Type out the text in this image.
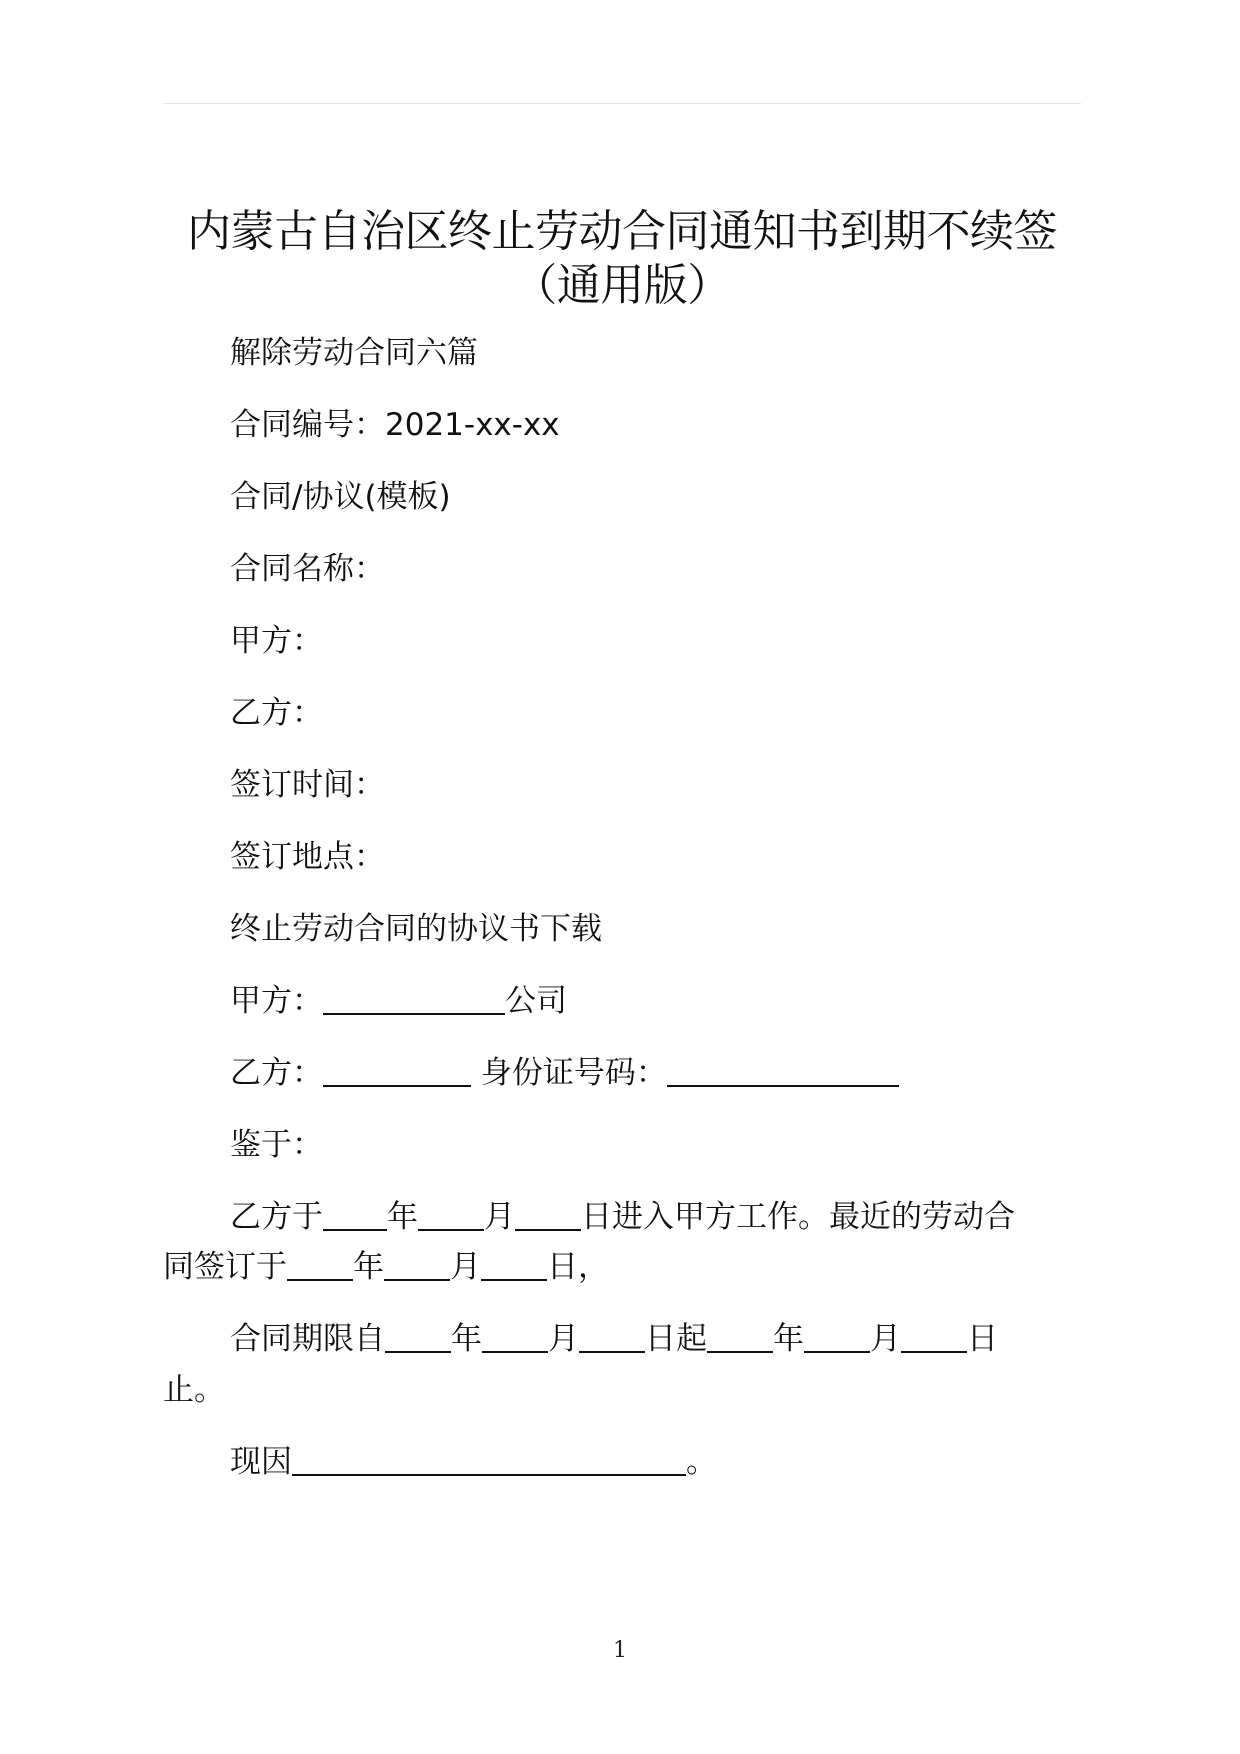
内蒙古自治区终止劳动合同通知书到期不续签
（通用版）

解除劳动合同六篇

合同编号：2021-xx-xx

合同/协议(模板)

合同名称：

甲方：

乙方：

签订时间：

签订地点：

终止劳动合同的协议书下载

甲方：	公司

乙方：	身份证号码：

鉴于：

乙方于 年 月 日进入甲方工作。最近的劳动合

同签订于 年 月 日，

合同期限自 年 月 日起 年 月 日

止。

现因	。

1
